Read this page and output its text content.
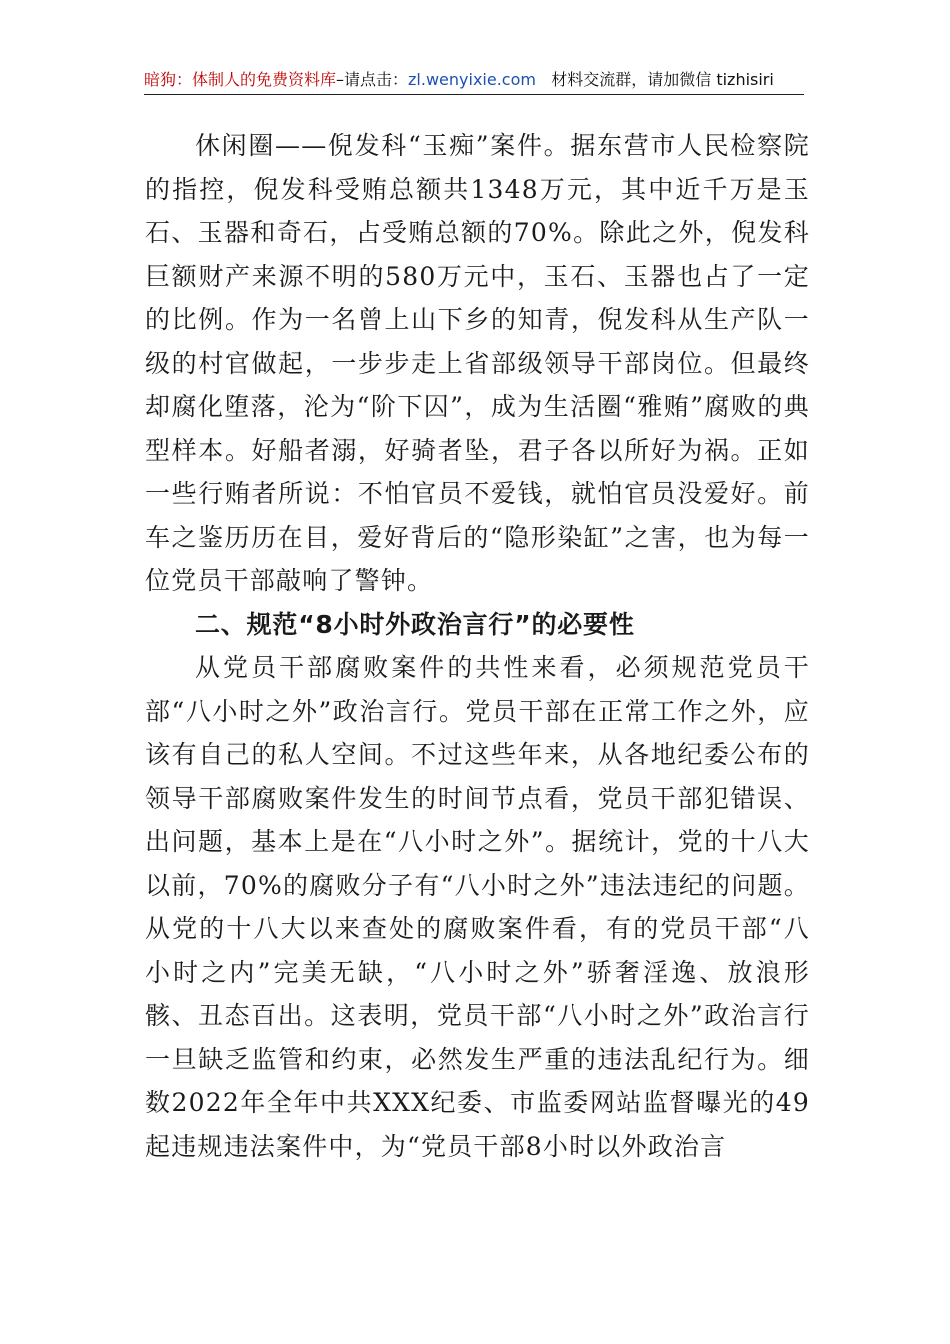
暗狗：体制人的免费资料库–请点击：zl.wenyixie.com 材料交流群，请加微信 tizhisiri

休闲圈——倪发科“玉痴”案件。据东营市人民检察院的指控，倪发科受贿总额共1348万元，其中近千万是玉石、玉器和奇石，占受贿总额的70%。除此之外，倪发科巨额财产来源不明的580万元中，玉石、玉器也占了一定的比例。作为一名曾上山下乡的知青，倪发科从生产队一级的村官做起，一步步走上省部级领导干部岗位。但最终却腐化堕落，沦为“阶下囚”，成为生活圈“雅贿”腐败的典型样本。好船者溺，好骑者坠，君子各以所好为祸。正如一些行贿者所说：不怕官员不爱钱，就怕官员没爱好。前车之鉴历历在目，爱好背后的“隐形染缸”之害，也为每一位党员干部敲响了警钟。

二、规范“8小时外政治言行”的必要性

从党员干部腐败案件的共性来看，必须规范党员干部“八小时之外”政治言行。党员干部在正常工作之外，应该有自己的私人空间。不过这些年来，从各地纪委公布的领导干部腐败案件发生的时间节点看，党员干部犯错误、出问题，基本上是在“八小时之外”。据统计，党的十八大以前，70%的腐败分子有“八小时之外”违法违纪的问题。从党的十八大以来查处的腐败案件看，有的党员干部“八小时之内”完美无缺，“八小时之外”骄奢淫逸、放浪形骸、丑态百出。这表明，党员干部“八小时之外”政治言行一旦缺乏监管和约束，必然发生严重的违法乱纪行为。细数2022年全年中共XXX纪委、市监委网站监督曝光的49起违规违法案件中，为“党员干部8小时以外政治言
